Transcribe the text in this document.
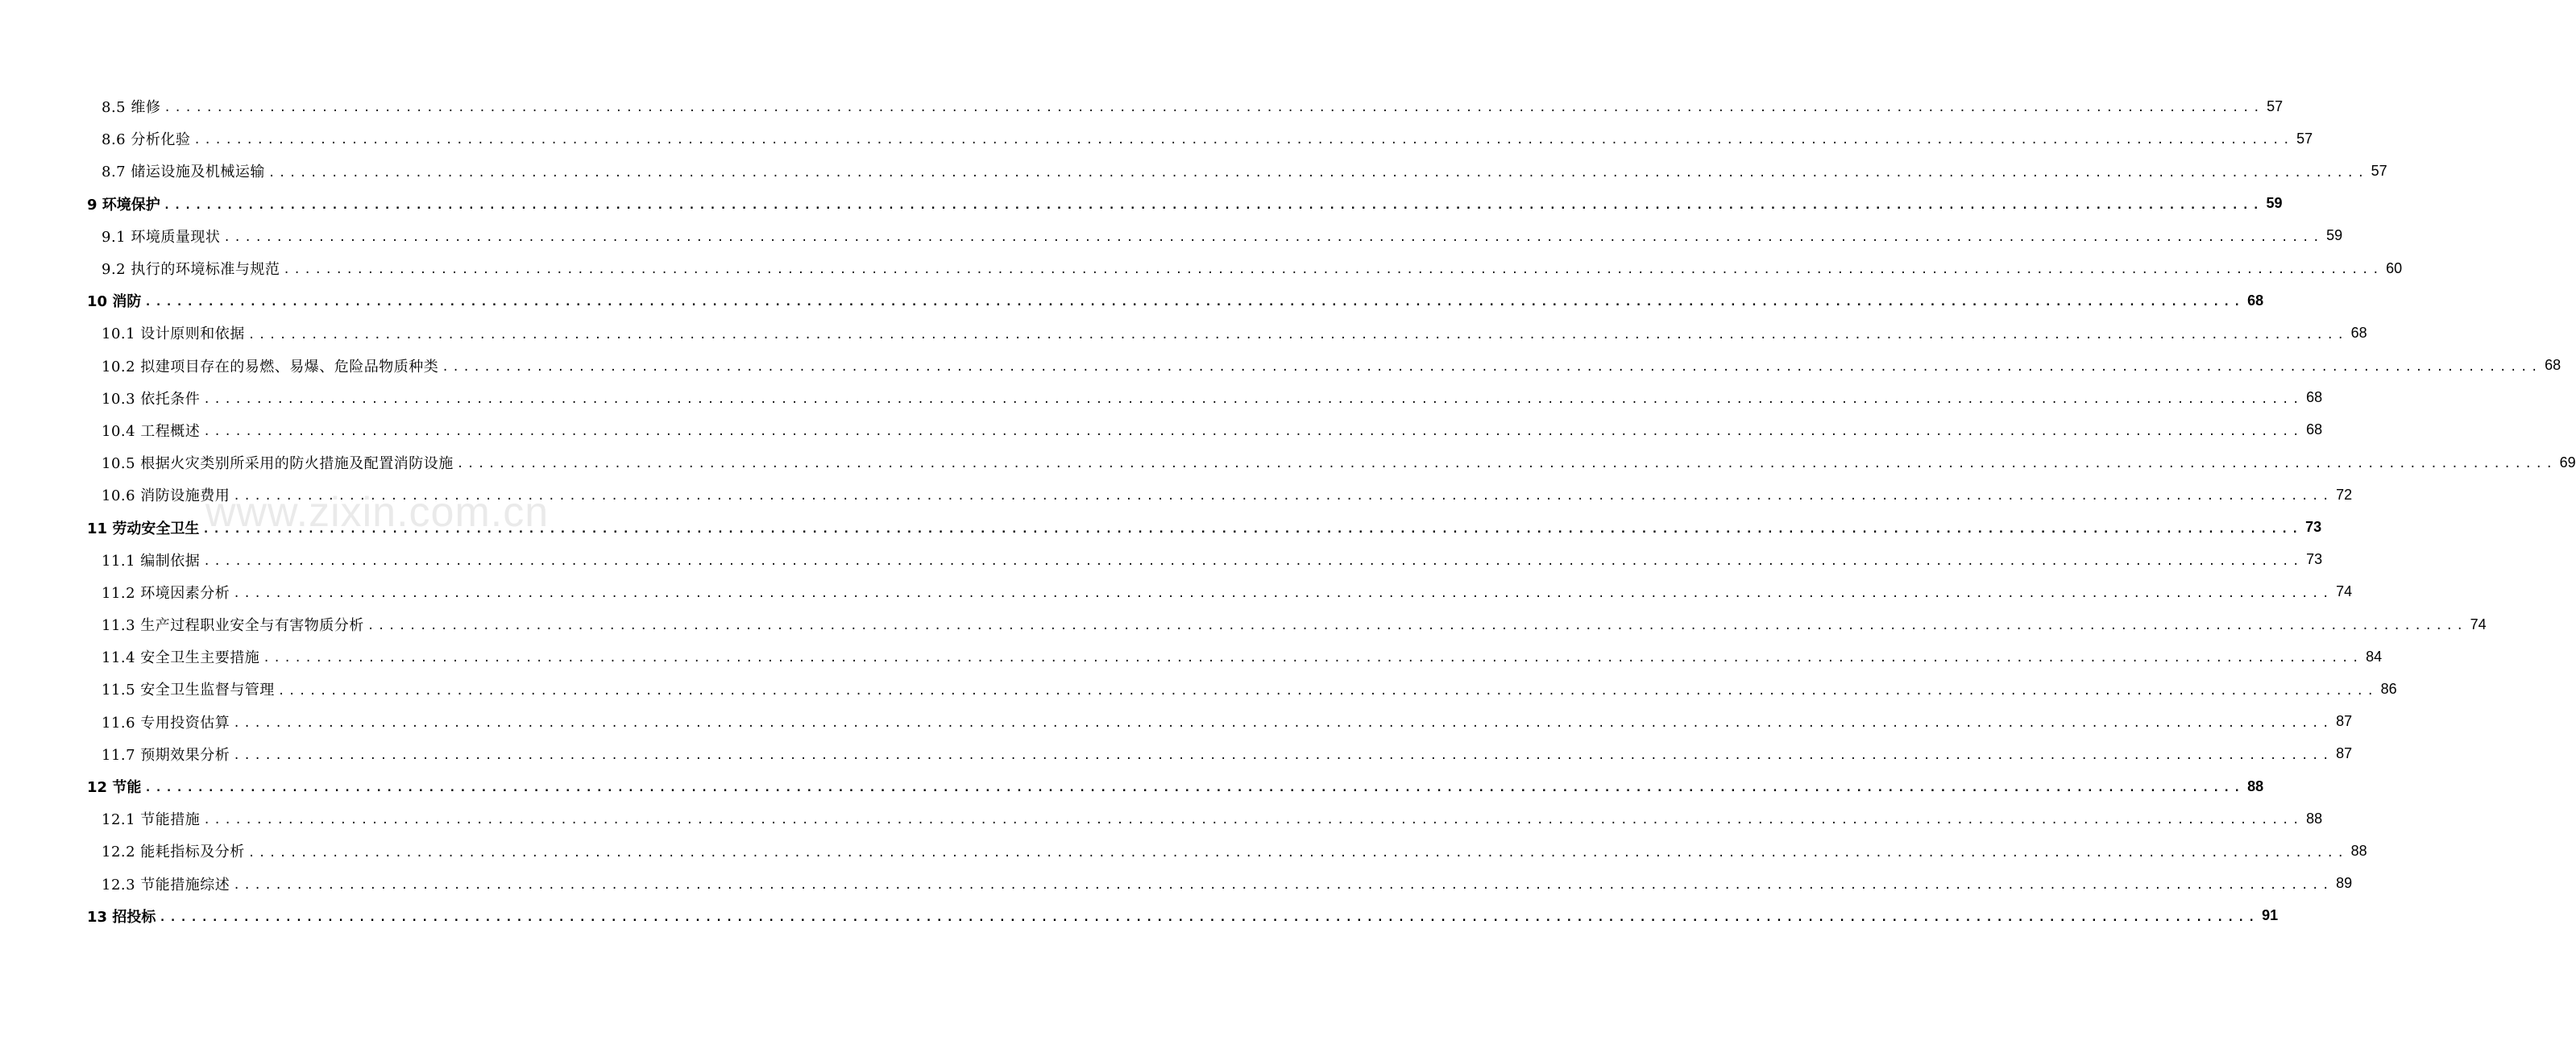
8.5 维修 ........................................................................................................................................................................................................ 57
8.6 分析化验 ........................................................................................................................................................................................................ 57
8.7 储运设施及机械运输 ........................................................................................................................................................................................................ 57
9 环境保护 ........................................................................................................................................................................................................ 59
9.1 环境质量现状 ........................................................................................................................................................................................................ 59
9.2 执行的环境标准与规范 ........................................................................................................................................................................................................ 60
10 消防 ........................................................................................................................................................................................................ 68
10.1 设计原则和依据 ........................................................................................................................................................................................................ 68
10.2 拟建项目存在的易燃、易爆、危险品物质种类 ........................................................................................................................................................................................................ 68
10.3 依托条件 ........................................................................................................................................................................................................ 68
10.4 工程概述 ........................................................................................................................................................................................................ 68
10.5 根据火灾类别所采用的防火措施及配置消防设施 ........................................................................................................................................................................................................ 69
10.6 消防设施费用 ........................................................................................................................................................................................................ 72
11 劳动安全卫生 ........................................................................................................................................................................................................ 73
11.1 编制依据 ........................................................................................................................................................................................................ 73
11.2 环境因素分析 ........................................................................................................................................................................................................ 74
11.3 生产过程职业安全与有害物质分析 ........................................................................................................................................................................................................ 74
11.4 安全卫生主要措施 ........................................................................................................................................................................................................ 84
11.5 安全卫生监督与管理 ........................................................................................................................................................................................................ 86
11.6 专用投资估算 ........................................................................................................................................................................................................ 87
11.7 预期效果分析 ........................................................................................................................................................................................................ 87
12 节能 ........................................................................................................................................................................................................ 88
12.1 节能措施 ........................................................................................................................................................................................................ 88
12.2 能耗指标及分析 ........................................................................................................................................................................................................ 88
12.3 节能措施综述 ........................................................................................................................................................................................................ 89
13 招投标 ........................................................................................................................................................................................................ 91
www.zixin.com.cn
